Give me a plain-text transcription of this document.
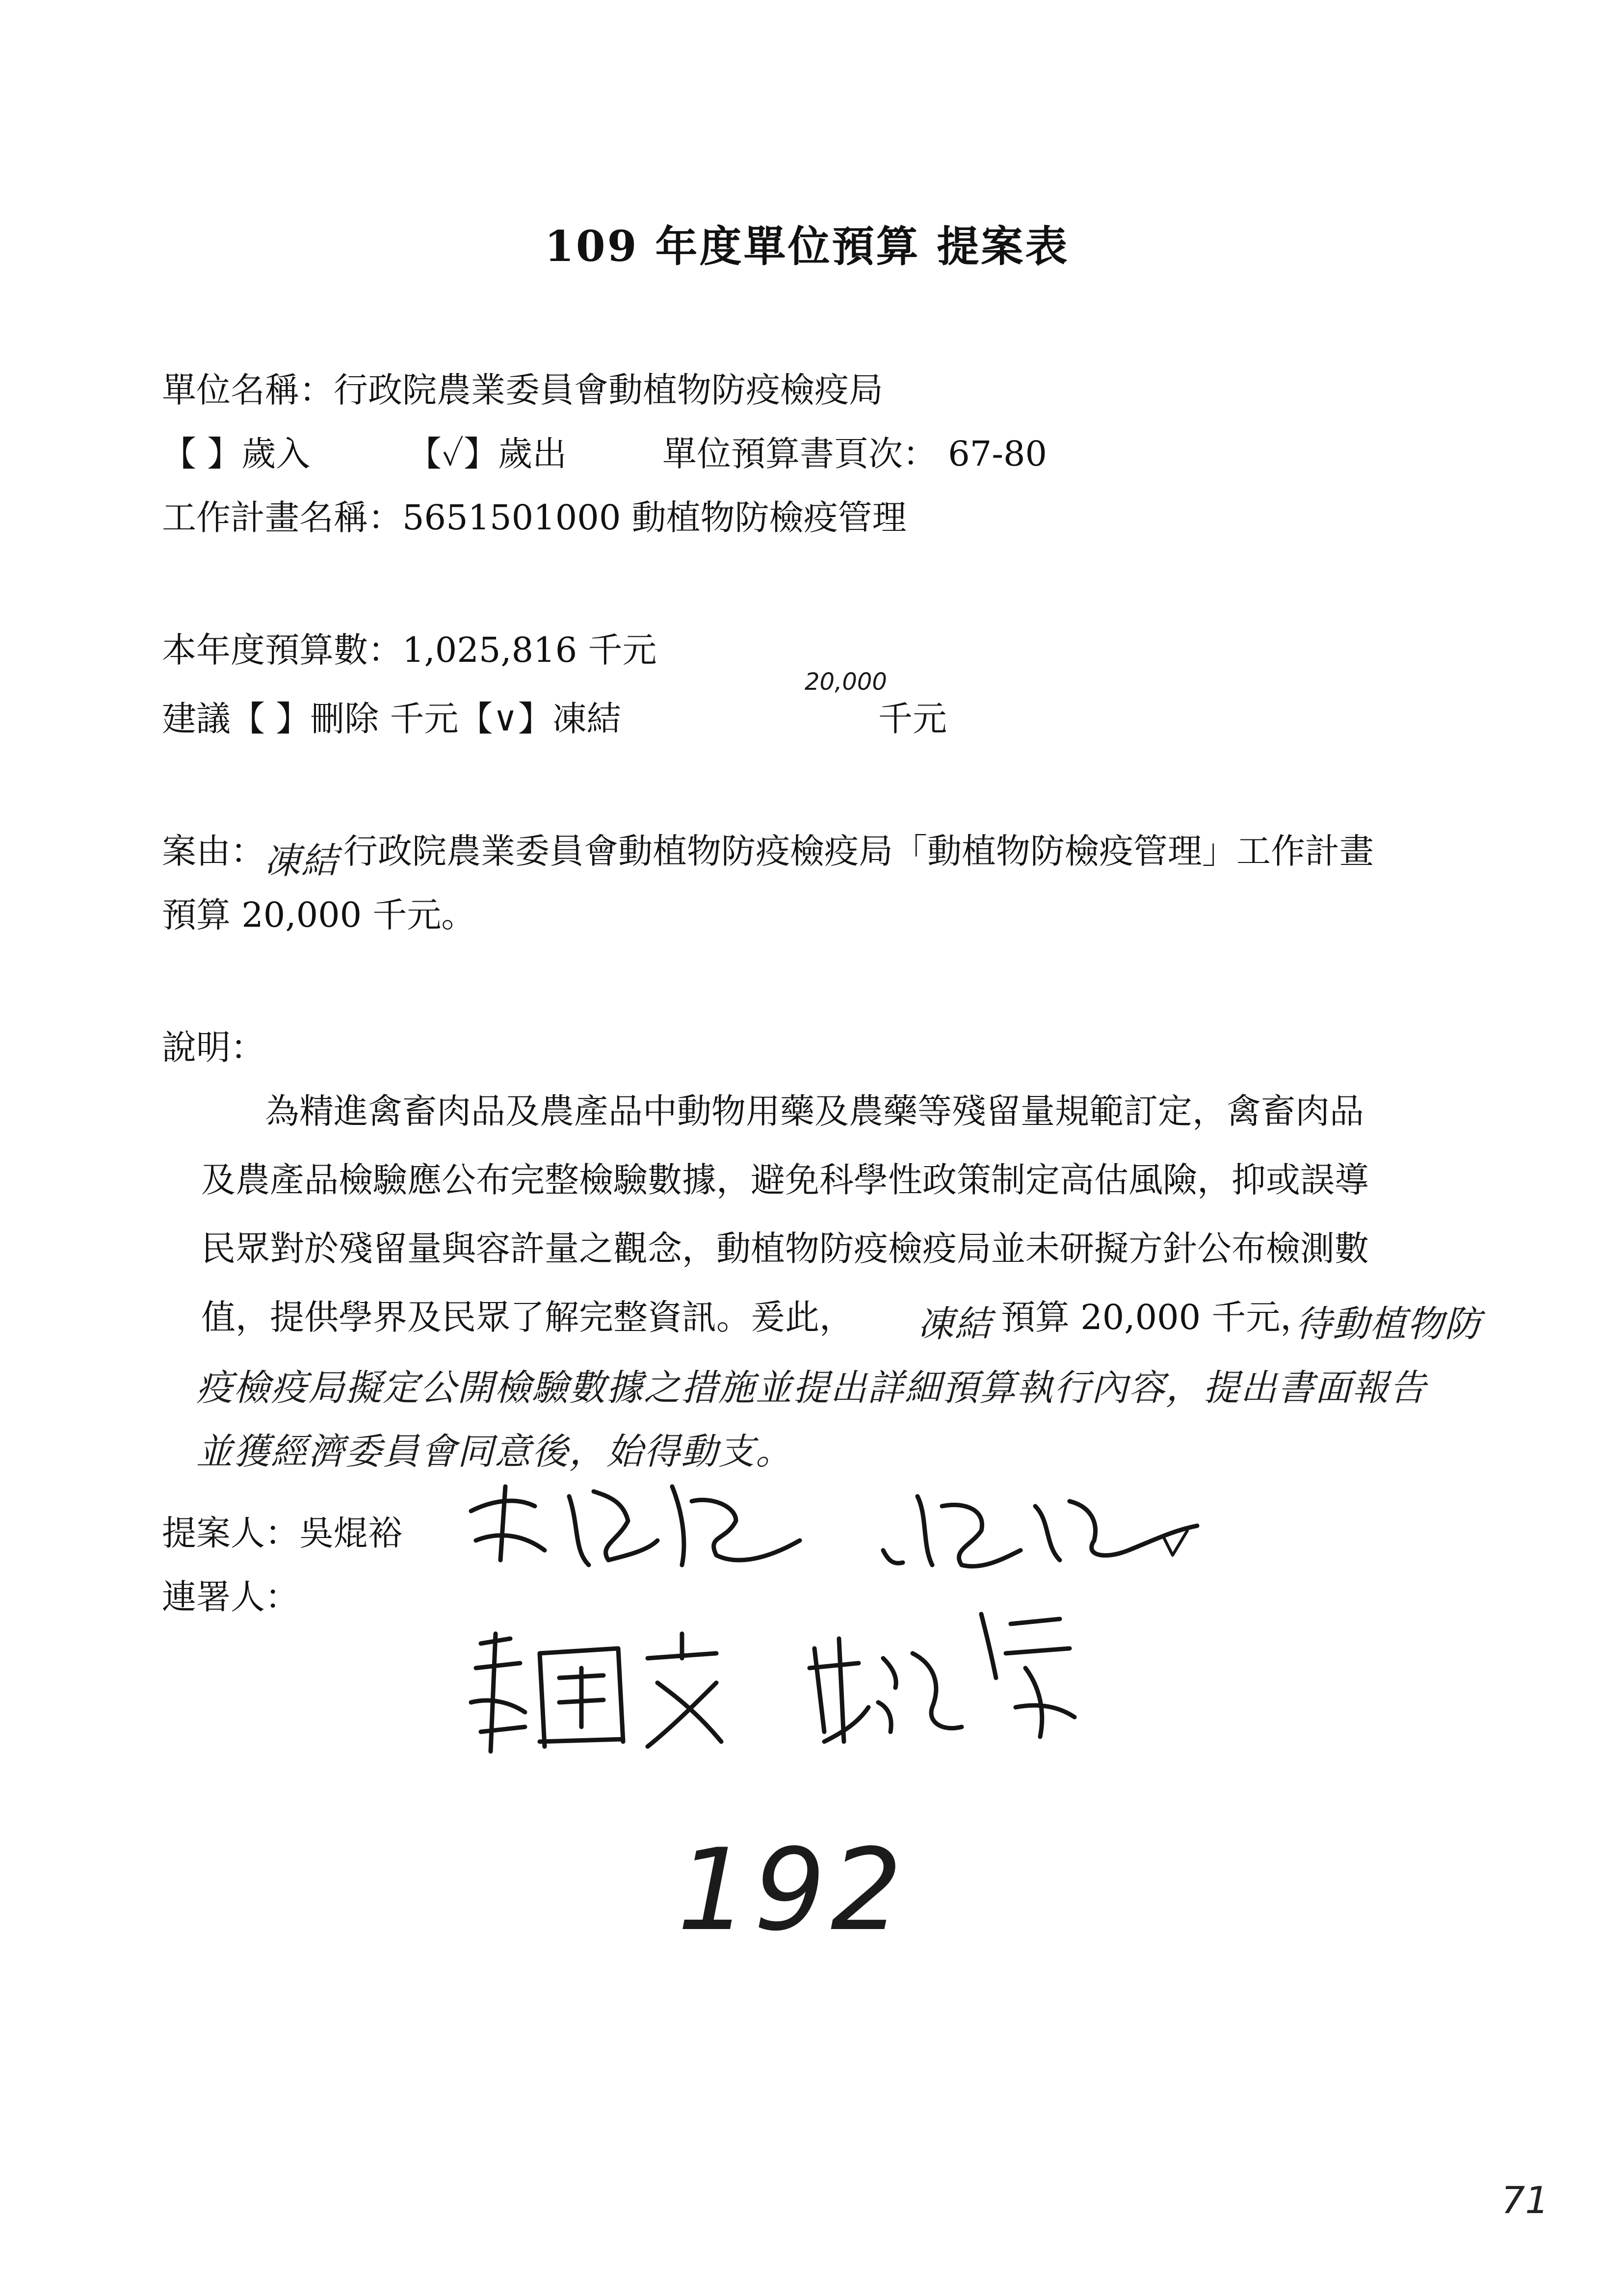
109 年度單位預算 提案表
單位名稱：行政院農業委員會動植物防疫檢疫局
【 】歲入	【✓】歲出	單位預算書頁次： 67-80
工作計畫名稱：5651501000 動植物防檢疫管理
本年度預算數：1,025,816 千元
建議【 】刪除 千元【∨】凍結
20,000
千元
案由：
凍結 行政院農業委員會動植物防疫檢疫局「動植物防檢疫管理」工作計畫
預算 20,000 千元。
說明：
為精進禽畜肉品及農產品中動物用藥及農藥等殘留量規範訂定，禽畜肉品
及農產品檢驗應公布完整檢驗數據，避免科學性政策制定高估風險，抑或誤導
民眾對於殘留量與容許量之觀念，動植物防疫檢疫局並未研擬方針公布檢測數
值，提供學界及民眾了解完整資訊。爰此， 凍結 預算 20,000 千元，
待動植物防
疫檢疫局擬定公開檢驗數據之措施並提出詳細預算執行內容，提出書面報告
並獲經濟委員會同意後，始得動支。
提案人：吳焜裕
連署人：
192
71
